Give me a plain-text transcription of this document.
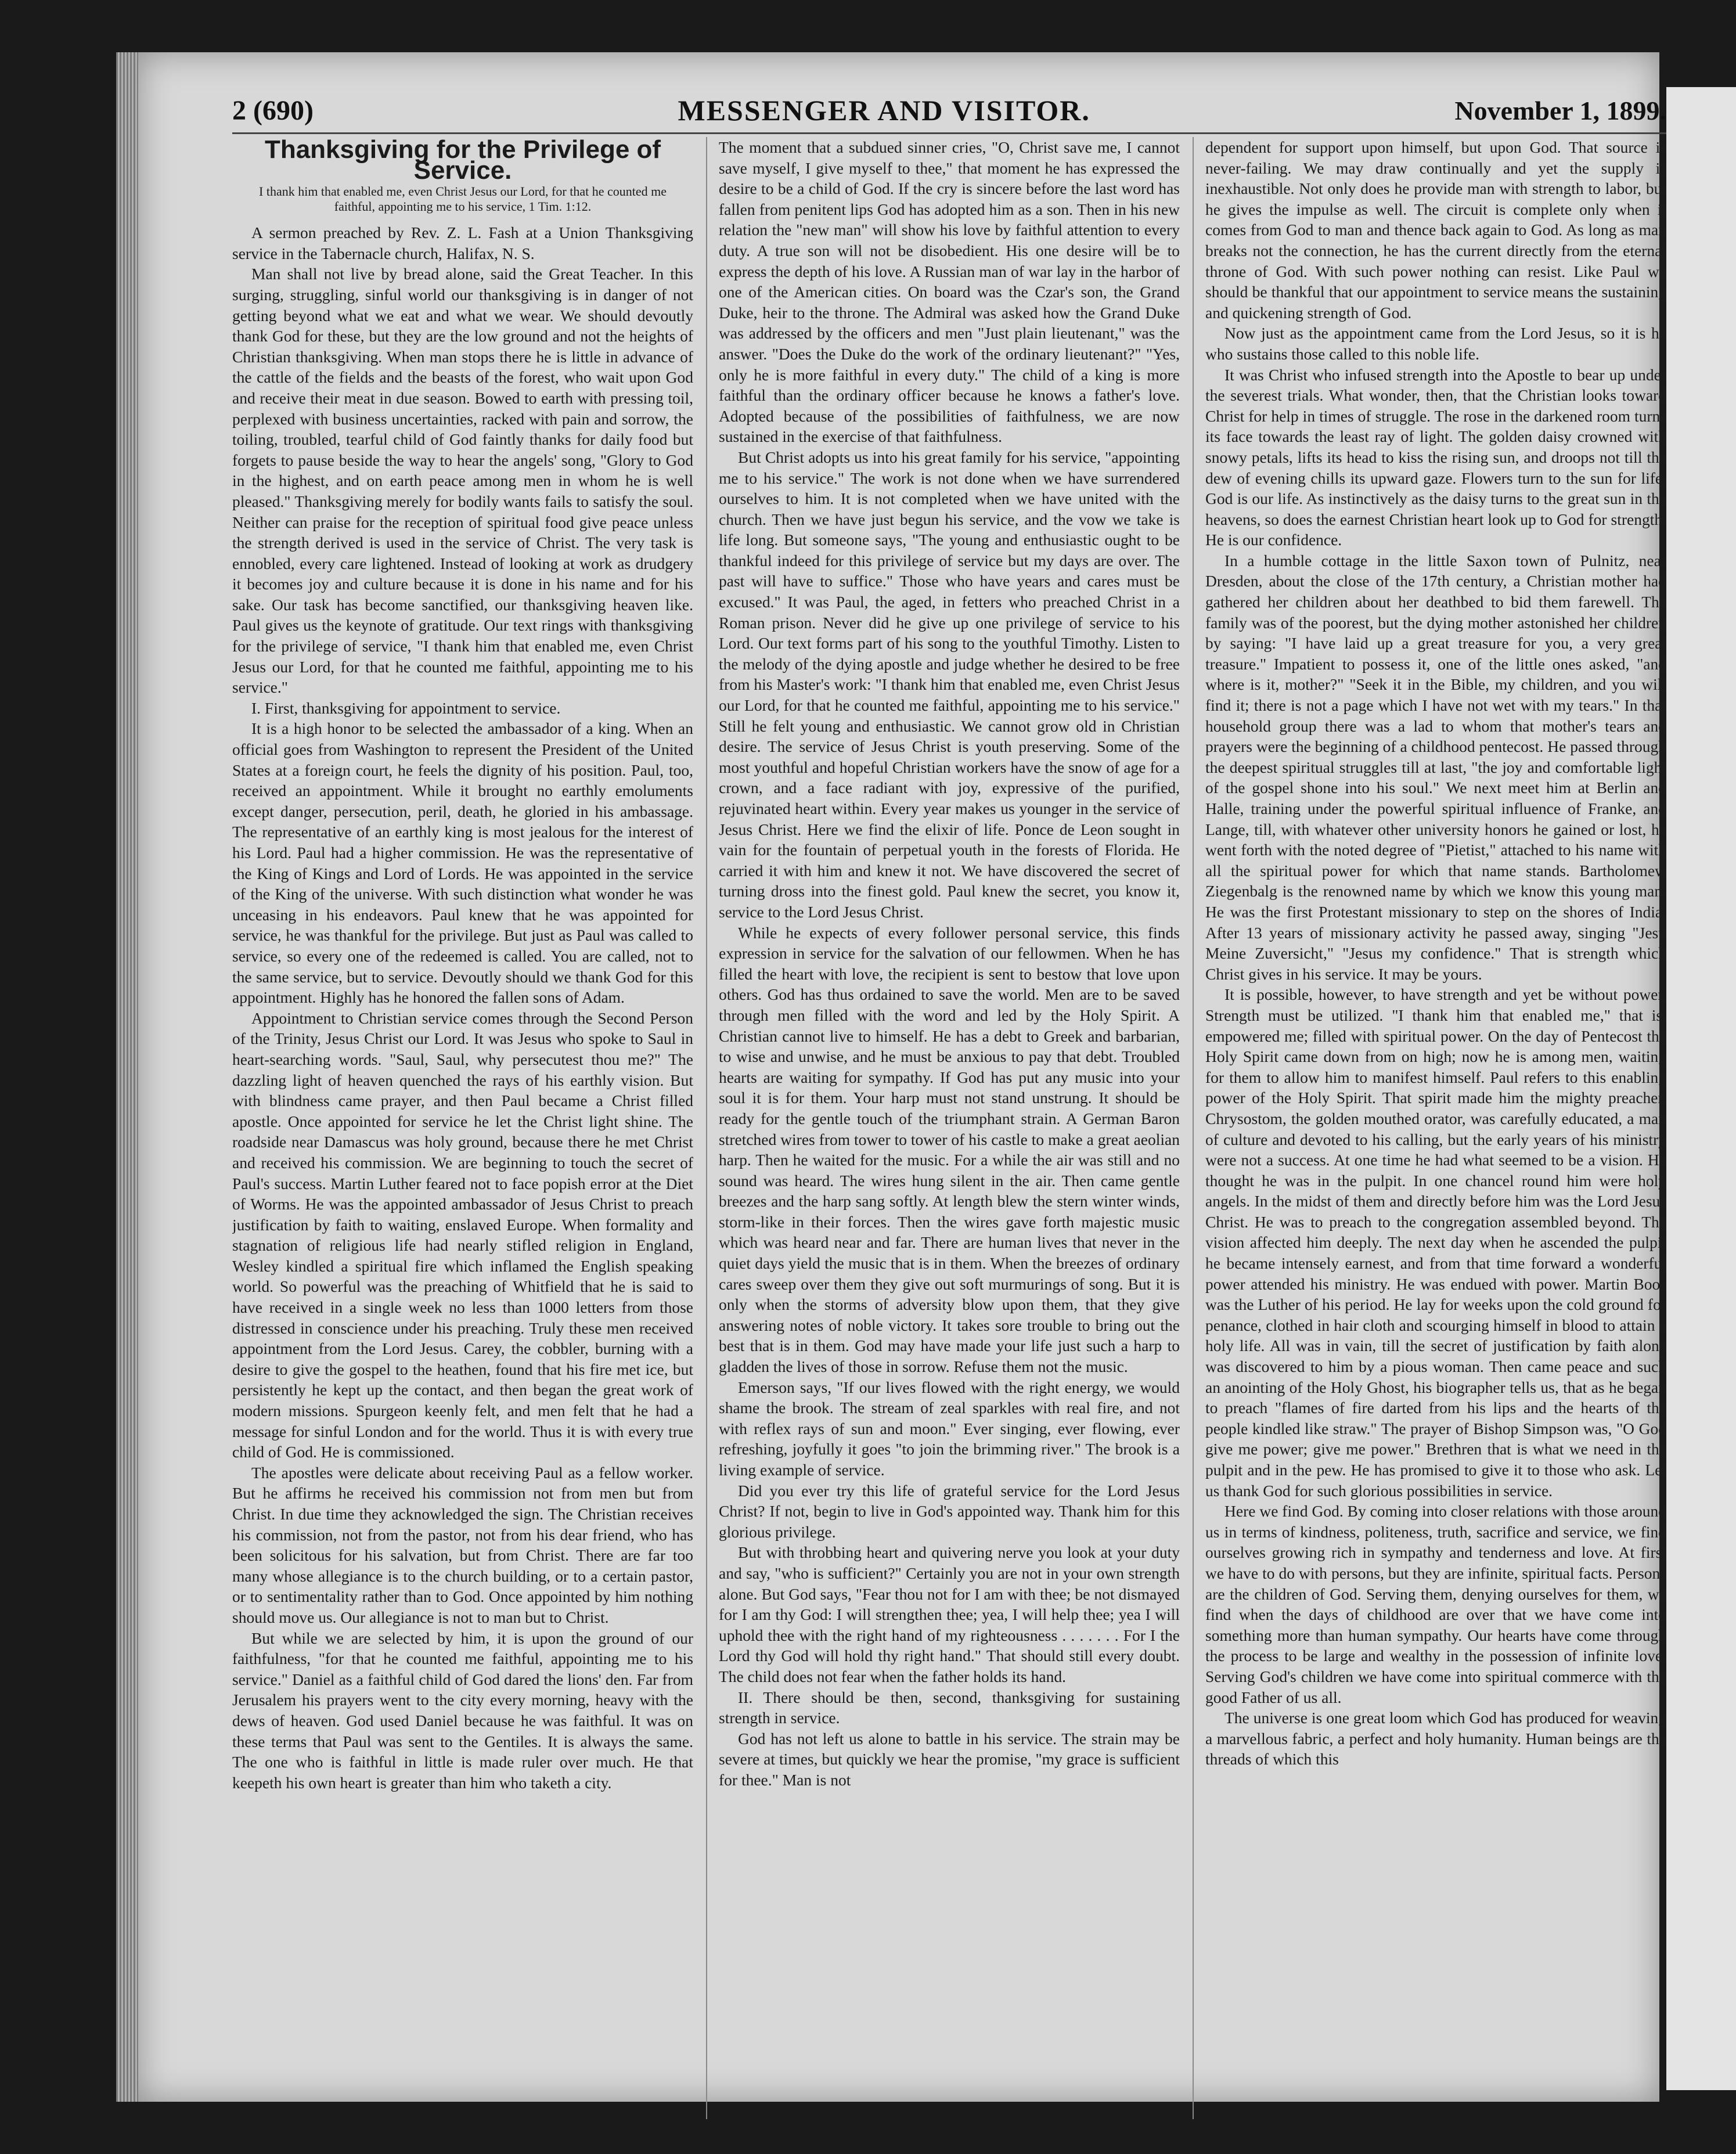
2 (690)	MESSENGER AND VISITOR.	November 1, 1899.
Thanksgiving for the Privilege of Service.
I thank him that enabled me, even Christ Jesus our Lord, for that he counted me faithful, appointing me to his service, 1 Tim. 1:12.

A sermon preached by Rev. Z. L. Fash at a Union Thanksgiving service in the Tabernacle church, Halifax, N. S.

Man shall not live by bread alone, said the Great Teacher. In this surging, struggling, sinful world our thanksgiving is in danger of not getting beyond what we eat and what we wear. We should devoutly thank God for these, but they are the low ground and not the heights of Christian thanksgiving. When man stops there he is little in advance of the cattle of the fields and the beasts of the forest, who wait upon God and receive their meat in due season. Bowed to earth with pressing toil, perplexed with business uncertainties, racked with pain and sorrow, the toiling, troubled, tearful child of God faintly thanks for daily food but forgets to pause beside the way to hear the angels' song, "Glory to God in the highest, and on earth peace among men in whom he is well pleased." Thanksgiving merely for bodily wants fails to satisfy the soul. Neither can praise for the reception of spiritual food give peace unless the strength derived is used in the service of Christ. The very task is ennobled, every care lightened. Instead of looking at work as drudgery it becomes joy and culture because it is done in his name and for his sake. Our task has become sanctified, our thanksgiving heaven like. Paul gives us the keynote of gratitude. Our text rings with thanksgiving for the privilege of service, "I thank him that enabled me, even Christ Jesus our Lord, for that he counted me faithful, appointing me to his service."

I. First, thanksgiving for appointment to service.

It is a high honor to be selected the ambassador of a king. When an official goes from Washington to represent the President of the United States at a foreign court, he feels the dignity of his position. Paul, too, received an appointment. While it brought no earthly emoluments except danger, persecution, peril, death, he gloried in his ambassage. The representative of an earthly king is most jealous for the interest of his Lord. Paul had a higher commission. He was the representative of the King of Kings and Lord of Lords. He was appointed in the service of the King of the universe. With such distinction what wonder he was unceasing in his endeavors. Paul knew that he was appointed for service, he was thankful for the privilege. But just as Paul was called to service, so every one of the redeemed is called. You are called, not to the same service, but to service. Devoutly should we thank God for this appointment. Highly has he honored the fallen sons of Adam.

Appointment to Christian service comes through the Second Person of the Trinity, Jesus Christ our Lord. It was Jesus who spoke to Saul in heart-searching words. "Saul, Saul, why persecutest thou me?" The dazzling light of heaven quenched the rays of his earthly vision. But with blindness came prayer, and then Paul became a Christ filled apostle. Once appointed for service he let the Christ light shine. The roadside near Damascus was holy ground, because there he met Christ and received his commission. We are beginning to touch the secret of Paul's success. Martin Luther feared not to face popish error at the Diet of Worms. He was the appointed ambassador of Jesus Christ to preach justification by faith to waiting, enslaved Europe. When formality and stagnation of religious life had nearly stifled religion in England, Wesley kindled a spiritual fire which inflamed the English speaking world. So powerful was the preaching of Whitfield that he is said to have received in a single week no less than 1000 letters from those distressed in conscience under his preaching. Truly these men received appointment from the Lord Jesus. Carey, the cobbler, burning with a desire to give the gospel to the heathen, found that his fire met ice, but persistently he kept up the contact, and then began the great work of modern missions. Spurgeon keenly felt, and men felt that he had a message for sinful London and for the world. Thus it is with every true child of God. He is commissioned.

The apostles were delicate about receiving Paul as a fellow worker. But he affirms he received his commission not from men but from Christ. In due time they acknowledged the sign. The Christian receives his commission, not from the pastor, not from his dear friend, who has been solicitous for his salvation, but from Christ. There are far too many whose allegiance is to the church building, or to a certain pastor, or to sentimentality rather than to God. Once appointed by him nothing should move us. Our allegiance is not to man but to Christ.

But while we are selected by him, it is upon the ground of our faithfulness, "for that he counted me faithful, appointing me to his service." Daniel as a faithful child of God dared the lions' den. Far from Jerusalem his prayers went to the city every morning, heavy with the dews of heaven. God used Daniel because he was faithful. It was on these terms that Paul was sent to the Gentiles. It is always the same. The one who is faithful in little is made ruler over much. He that keepeth his own heart is greater than him who taketh a city.

The moment that a subdued sinner cries, "O, Christ save me, I cannot save myself, I give myself to thee," that moment he has expressed the desire to be a child of God. If the cry is sincere before the last word has fallen from penitent lips God has adopted him as a son. Then in his new relation the "new man" will show his love by faithful attention to every duty. A true son will not be disobedient. His one desire will be to express the depth of his love. A Russian man of war lay in the harbor of one of the American cities. On board was the Czar's son, the Grand Duke, heir to the throne. The Admiral was asked how the Grand Duke was addressed by the officers and men "Just plain lieutenant," was the answer. "Does the Duke do the work of the ordinary lieutenant?" "Yes, only he is more faithful in every duty." The child of a king is more faithful than the ordinary officer because he knows a father's love. Adopted because of the possibilities of faithfulness, we are now sustained in the exercise of that faithfulness.

But Christ adopts us into his great family for his service, "appointing me to his service." The work is not done when we have surrendered ourselves to him. It is not completed when we have united with the church. Then we have just begun his service, and the vow we take is life long. But someone says, "The young and enthusiastic ought to be thankful indeed for this privilege of service but my days are over. The past will have to suffice." Those who have years and cares must be excused." It was Paul, the aged, in fetters who preached Christ in a Roman prison. Never did he give up one privilege of service to his Lord. Our text forms part of his song to the youthful Timothy. Listen to the melody of the dying apostle and judge whether he desired to be free from his Master's work: "I thank him that enabled me, even Christ Jesus our Lord, for that he counted me faithful, appointing me to his service." Still he felt young and enthusiastic. We cannot grow old in Christian desire. The service of Jesus Christ is youth preserving. Some of the most youthful and hopeful Christian workers have the snow of age for a crown, and a face radiant with joy, expressive of the purified, rejuvinated heart within. Every year makes us younger in the service of Jesus Christ. Here we find the elixir of life. Ponce de Leon sought in vain for the fountain of perpetual youth in the forests of Florida. He carried it with him and knew it not. We have discovered the secret of turning dross into the finest gold. Paul knew the secret, you know it, service to the Lord Jesus Christ.

While he expects of every follower personal service, this finds expression in service for the salvation of our fellowmen. When he has filled the heart with love, the recipient is sent to bestow that love upon others. God has thus ordained to save the world. Men are to be saved through men filled with the word and led by the Holy Spirit. A Christian cannot live to himself. He has a debt to Greek and barbarian, to wise and unwise, and he must be anxious to pay that debt. Troubled hearts are waiting for sympathy. If God has put any music into your soul it is for them. Your harp must not stand unstrung. It should be ready for the gentle touch of the triumphant strain. A German Baron stretched wires from tower to tower of his castle to make a great aeolian harp. Then he waited for the music. For a while the air was still and no sound was heard. The wires hung silent in the air. Then came gentle breezes and the harp sang softly. At length blew the stern winter winds, storm-like in their forces. Then the wires gave forth majestic music which was heard near and far. There are human lives that never in the quiet days yield the music that is in them. When the breezes of ordinary cares sweep over them they give out soft murmurings of song. But it is only when the storms of adversity blow upon them, that they give answering notes of noble victory. It takes sore trouble to bring out the best that is in them. God may have made your life just such a harp to gladden the lives of those in sorrow. Refuse them not the music.

Emerson says, "If our lives flowed with the right energy, we would shame the brook. The stream of zeal sparkles with real fire, and not with reflex rays of sun and moon." Ever singing, ever flowing, ever refreshing, joyfully it goes "to join the brimming river." The brook is a living example of service.

Did you ever try this life of grateful service for the Lord Jesus Christ? If not, begin to live in God's appointed way. Thank him for this glorious privilege.

But with throbbing heart and quivering nerve you look at your duty and say, "who is sufficient?" Certainly you are not in your own strength alone. But God says, "Fear thou not for I am with thee; be not dismayed for I am thy God: I will strengthen thee; yea, I will help thee; yea I will uphold thee with the right hand of my righteousness . . . . . . . For I the Lord thy God will hold thy right hand." That should still every doubt. The child does not fear when the father holds its hand.

II. There should be then, second, thanksgiving for sustaining strength in service.

God has not left us alone to battle in his service. The strain may be severe at times, but quickly we hear the promise, "my grace is sufficient for thee." Man is not

dependent for support upon himself, but upon God. That source is never-failing. We may draw continually and yet the supply is inexhaustible. Not only does he provide man with strength to labor, but he gives the impulse as well. The circuit is complete only when it comes from God to man and thence back again to God. As long as man breaks not the connection, he has the current directly from the eternal throne of God. With such power nothing can resist. Like Paul we should be thankful that our appointment to service means the sustaining and quickening strength of God.

Now just as the appointment came from the Lord Jesus, so it is he who sustains those called to this noble life.

It was Christ who infused strength into the Apostle to bear up under the severest trials. What wonder, then, that the Christian looks toward Christ for help in times of struggle. The rose in the darkened room turns its face towards the least ray of light. The golden daisy crowned with snowy petals, lifts its head to kiss the rising sun, and droops not till the dew of evening chills its upward gaze. Flowers turn to the sun for life. God is our life. As instinctively as the daisy turns to the great sun in the heavens, so does the earnest Christian heart look up to God for strength. He is our confidence.

In a humble cottage in the little Saxon town of Pulnitz, near Dresden, about the close of the 17th century, a Christian mother had gathered her children about her deathbed to bid them farewell. The family was of the poorest, but the dying mother astonished her children by saying: "I have laid up a great treasure for you, a very great treasure." Impatient to possess it, one of the little ones asked, "and where is it, mother?" "Seek it in the Bible, my children, and you will find it; there is not a page which I have not wet with my tears." In that household group there was a lad to whom that mother's tears and prayers were the beginning of a childhood pentecost. He passed through the deepest spiritual struggles till at last, "the joy and comfortable light of the gospel shone into his soul." We next meet him at Berlin and Halle, training under the powerful spiritual influence of Franke, and Lange, till, with whatever other university honors he gained or lost, he went forth with the noted degree of "Pietist," attached to his name with all the spiritual power for which that name stands. Bartholomew Ziegenbalg is the renowned name by which we know this young man. He was the first Protestant missionary to step on the shores of India. After 13 years of missionary activity he passed away, singing "Jesu Meine Zuversicht," "Jesus my confidence." That is strength which Christ gives in his service. It may be yours.

It is possible, however, to have strength and yet be without power. Strength must be utilized. "I thank him that enabled me," that is, empowered me; filled with spiritual power. On the day of Pentecost the Holy Spirit came down from on high; now he is among men, waiting for them to allow him to manifest himself. Paul refers to this enabling power of the Holy Spirit. That spirit made him the mighty preacher. Chrysostom, the golden mouthed orator, was carefully educated, a man of culture and devoted to his calling, but the early years of his ministry were not a success. At one time he had what seemed to be a vision. He thought he was in the pulpit. In one chancel round him were holy angels. In the midst of them and directly before him was the Lord Jesus Christ. He was to preach to the congregation assembled beyond. The vision affected him deeply. The next day when he ascended the pulpit he became intensely earnest, and from that time forward a wonderful power attended his ministry. He was endued with power. Martin Boos was the Luther of his period. He lay for weeks upon the cold ground for penance, clothed in hair cloth and scourging himself in blood to attain a holy life. All was in vain, till the secret of justification by faith alone was discovered to him by a pious woman. Then came peace and such an anointing of the Holy Ghost, his biographer tells us, that as he began to preach "flames of fire darted from his lips and the hearts of the people kindled like straw." The prayer of Bishop Simpson was, "O God give me power; give me power." Brethren that is what we need in the pulpit and in the pew. He has promised to give it to those who ask. Let us thank God for such glorious possibilities in service.

Here we find God. By coming into closer relations with those around us in terms of kindness, politeness, truth, sacrifice and service, we find ourselves growing rich in sympathy and tenderness and love. At first we have to do with persons, but they are infinite, spiritual facts. Persons are the children of God. Serving them, denying ourselves for them, we find when the days of childhood are over that we have come into something more than human sympathy. Our hearts have come through the process to be large and wealthy in the possession of infinite love. Serving God's children we have come into spiritual commerce with the good Father of us all.

The universe is one great loom which God has produced for weaving a marvellous fabric, a perfect and holy humanity. Human beings are the threads of which this
